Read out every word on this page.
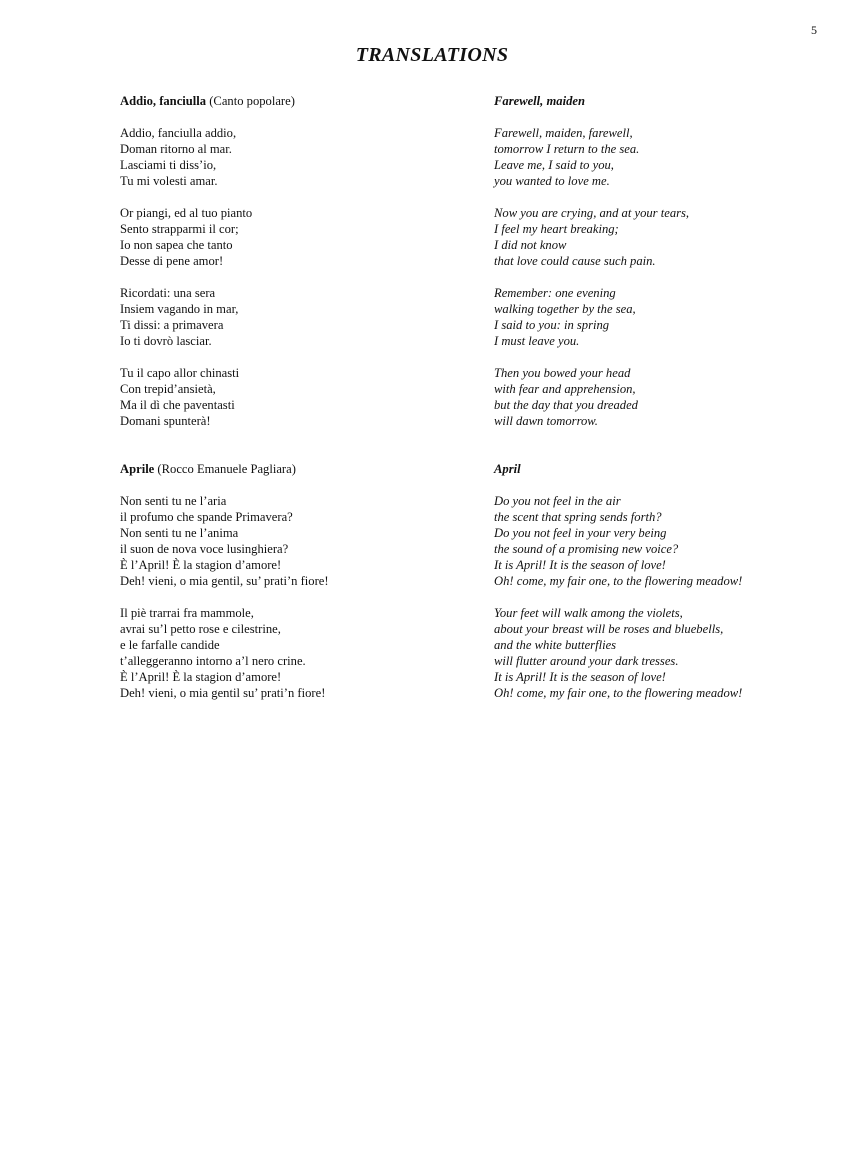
5
TRANSLATIONS
Addio, fanciulla (Canto popolare)
Addio, fanciulla addio,
Doman ritorno al mar.
Lasciami ti diss’io,
Tu mi volesti amar.
Or piangi, ed al tuo pianto
Sento strapparmi il cor;
Io non sapea che tanto
Desse di pene amor!
Ricordati: una sera
Insiem vagando in mar,
Ti dissi: a primavera
Io ti dovrò lasciar.
Tu il capo allor chinasti
Con trepid’ansietà,
Ma il dì che paventasti
Domani spunterà!
Aprile (Rocco Emanuele Pagliara)
Non senti tu ne l’aria
il profumo che spande Primavera?
Non senti tu ne l’anima
il suon de nova voce lusinghiera?
È l’April! È la stagion d’amore!
Deh! vieni, o mia gentil, su’ prati’n fiore!
Il piè trarrai fra mammole,
avrai su’l petto rose e cilestrine,
e le farfalle candide
t’alleggeranno intorno a’l nero crine.
È l’April! È la stagion d’amore!
Deh! vieni, o mia gentil su’ prati’n fiore!
Farewell, maiden
Farewell, maiden, farewell,
tomorrow I return to the sea.
Leave me, I said to you,
you wanted to love me.
Now you are crying, and at your tears,
I feel my heart breaking;
I did not know
that love could cause such pain.
Remember: one evening
walking together by the sea,
I said to you: in spring
I must leave you.
Then you bowed your head
with fear and apprehension,
but the day that you dreaded
will dawn tomorrow.
April
Do you not feel in the air
the scent that spring sends forth?
Do you not feel in your very being
the sound of a promising new voice?
It is April! It is the season of love!
Oh! come, my fair one, to the flowering meadow!
Your feet will walk among the violets,
about your breast will be roses and bluebells,
and the white butterflies
will flutter around your dark tresses.
It is April! It is the season of love!
Oh! come, my fair one, to the flowering meadow!
